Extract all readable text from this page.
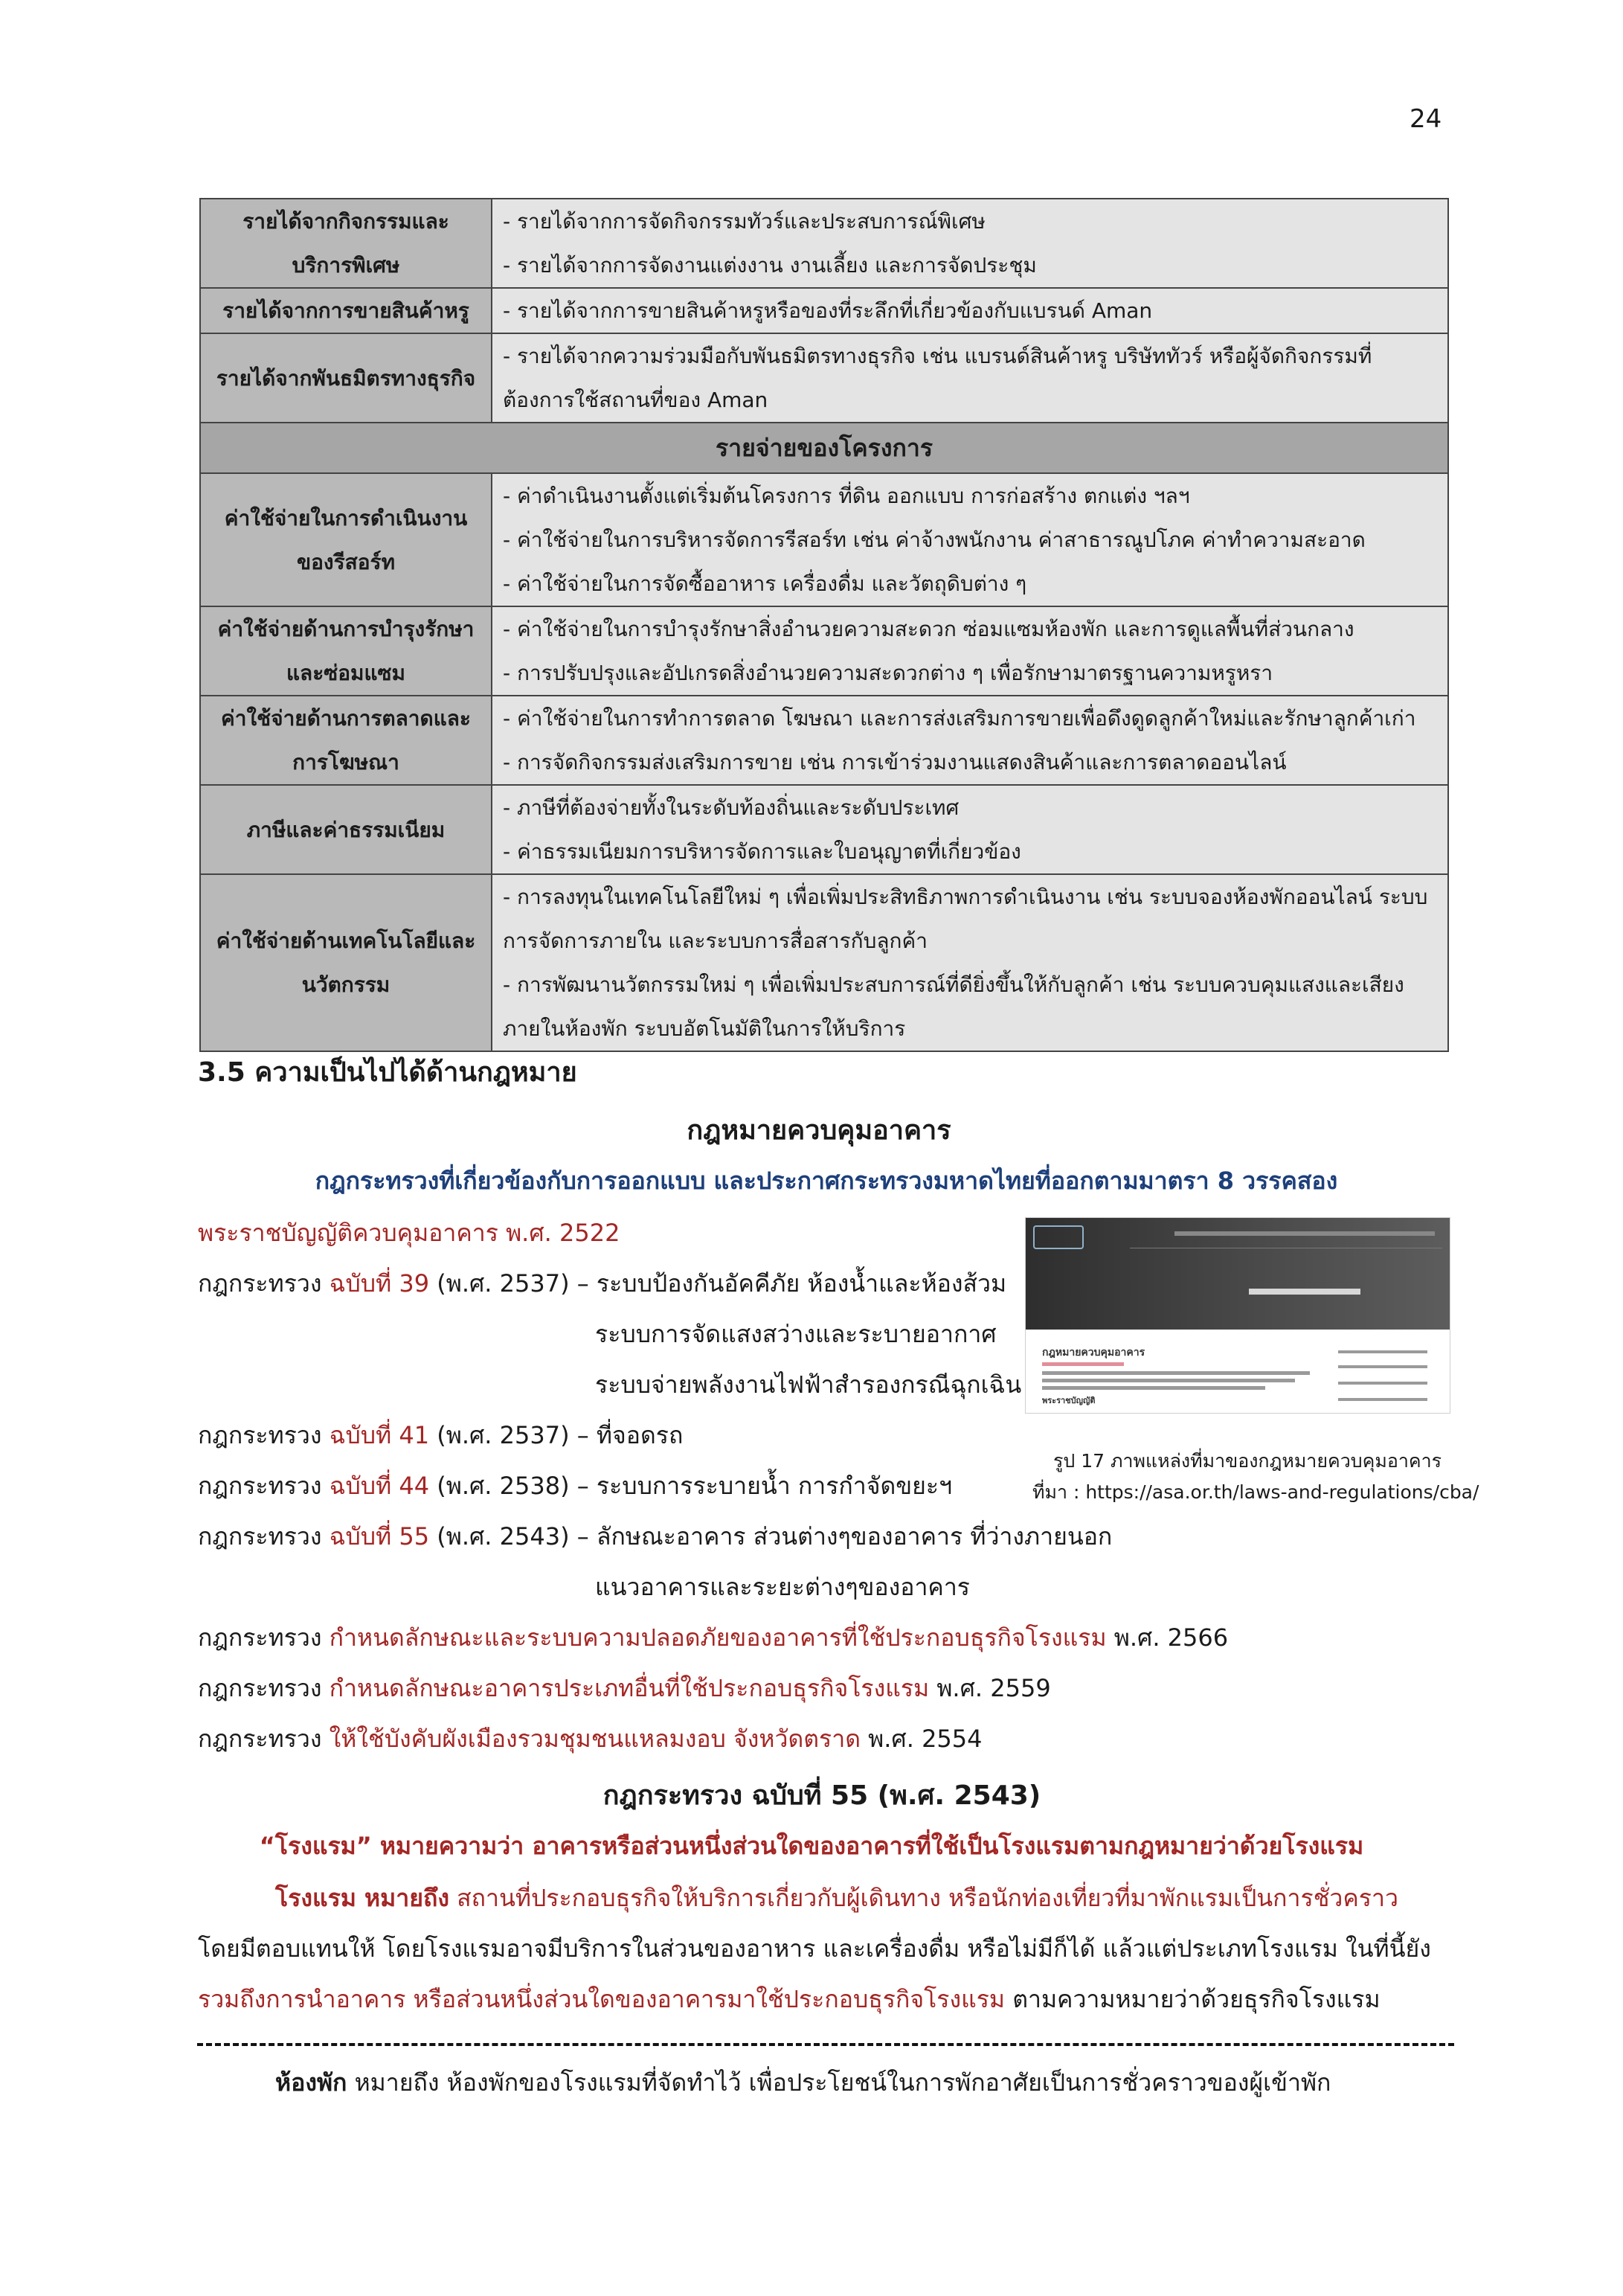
24
รายได้จากกิจกรรมและ
บริการพิเศษ	- รายได้จากการจัดกิจกรรมทัวร์และประสบการณ์พิเศษ
- รายได้จากการจัดงานแต่งงาน งานเลี้ยง และการจัดประชุม

รายได้จากการขายสินค้าหรู	- รายได้จากการขายสินค้าหรูหรือของที่ระลึกที่เกี่ยวข้องกับแบรนด์ Aman

รายได้จากพันธมิตรทางธุรกิจ	- รายได้จากความร่วมมือกับพันธมิตรทางธุรกิจ เช่น แบรนด์สินค้าหรู บริษัททัวร์ หรือผู้จัดกิจกรรมที่
ต้องการใช้สถานที่ของ Aman

รายจ่ายของโครงการ	

ค่าใช้จ่ายในการดำเนินงาน
ของรีสอร์ท	- ค่าดำเนินงานตั้งแต่เริ่มต้นโครงการ ที่ดิน ออกแบบ การก่อสร้าง ตกแต่ง ฯลฯ
- ค่าใช้จ่ายในการบริหารจัดการรีสอร์ท เช่น ค่าจ้างพนักงาน ค่าสาธารณูปโภค ค่าทำความสะอาด
- ค่าใช้จ่ายในการจัดซื้ออาหาร เครื่องดื่ม และวัตถุดิบต่าง ๆ

ค่าใช้จ่ายด้านการบำรุงรักษา
และซ่อมแซม	- ค่าใช้จ่ายในการบำรุงรักษาสิ่งอำนวยความสะดวก ซ่อมแซมห้องพัก และการดูแลพื้นที่ส่วนกลาง
- การปรับปรุงและอัปเกรดสิ่งอำนวยความสะดวกต่าง ๆ เพื่อรักษามาตรฐานความหรูหรา

ค่าใช้จ่ายด้านการตลาดและ
การโฆษณา	- ค่าใช้จ่ายในการทำการตลาด โฆษณา และการส่งเสริมการขายเพื่อดึงดูดลูกค้าใหม่และรักษาลูกค้าเก่า
- การจัดกิจกรรมส่งเสริมการขาย เช่น การเข้าร่วมงานแสดงสินค้าและการตลาดออนไลน์

ภาษีและค่าธรรมเนียม	- ภาษีที่ต้องจ่ายทั้งในระดับท้องถิ่นและระดับประเทศ
- ค่าธรรมเนียมการบริหารจัดการและใบอนุญาตที่เกี่ยวข้อง

ค่าใช้จ่ายด้านเทคโนโลยีและ
นวัตกรรม	- การลงทุนในเทคโนโลยีใหม่ ๆ เพื่อเพิ่มประสิทธิภาพการดำเนินงาน เช่น ระบบจองห้องพักออนไลน์ ระบบ
การจัดการภายใน และระบบการสื่อสารกับลูกค้า
- การพัฒนานวัตกรรมใหม่ ๆ เพื่อเพิ่มประสบการณ์ที่ดียิ่งขึ้นให้กับลูกค้า เช่น ระบบควบคุมแสงและเสียง
ภายในห้องพัก ระบบอัตโนมัติในการให้บริการ
3.5 ความเป็นไปได้ด้านกฎหมาย
กฎหมายควบคุมอาคาร
กฎกระทรวงที่เกี่ยวข้องกับการออกแบบ และประกาศกระทรวงมหาดไทยที่ออกตามมาตรา 8 วรรคสอง
พระราชบัญญัติควบคุมอาคาร พ.ศ. 2522
กฎกระทรวง ฉบับที่ 39 (พ.ศ. 2537) – ระบบป้องกันอัคคีภัย ห้องน้ำและห้องส้วม
ระบบการจัดแสงสว่างและระบายอากาศ
ระบบจ่ายพลังงานไฟฟ้าสำรองกรณีฉุกเฉิน
กฎกระทรวง ฉบับที่ 41 (พ.ศ. 2537) – ที่จอดรถ
กฎกระทรวง ฉบับที่ 44 (พ.ศ. 2538) – ระบบการระบายน้ำ การกำจัดขยะฯ
กฎกระทรวง ฉบับที่ 55 (พ.ศ. 2543) – ลักษณะอาคาร ส่วนต่างๆของอาคาร ที่ว่างภายนอก
แนวอาคารและระยะต่างๆของอาคาร
กฎกระทรวง กำหนดลักษณะและระบบความปลอดภัยของอาคารที่ใช้ประกอบธุรกิจโรงแรม พ.ศ. 2566
กฎกระทรวง กำหนดลักษณะอาคารประเภทอื่นที่ใช้ประกอบธุรกิจโรงแรม พ.ศ. 2559
กฎกระทรวง ให้ใช้บังคับผังเมืองรวมชุมชนแหลมงอบ จังหวัดตราด พ.ศ. 2554
กฎหมายควบคุมอาคาร
พระราชบัญญัติ
รูป 17 ภาพแหล่งที่มาของกฎหมายควบคุมอาคาร
ที่มา : https://asa.or.th/laws-and-regulations/cba/
กฎกระทรวง ฉบับที่ 55 (พ.ศ. 2543)
“โรงแรม” หมายความว่า อาคารหรือส่วนหนึ่งส่วนใดของอาคารที่ใช้เป็นโรงแรมตามกฎหมายว่าด้วยโรงแรม
โรงแรม หมายถึง สถานที่ประกอบธุรกิจให้บริการเกี่ยวกับผู้เดินทาง หรือนักท่องเที่ยวที่มาพักแรมเป็นการชั่วคราว
โดยมีตอบแทนให้ โดยโรงแรมอาจมีบริการในส่วนของอาหาร และเครื่องดื่ม หรือไม่มีก็ได้ แล้วแต่ประเภทโรงแรม ในที่นี้ยัง
รวมถึงการนำอาคาร หรือส่วนหนึ่งส่วนใดของอาคารมาใช้ประกอบธุรกิจโรงแรม ตามความหมายว่าด้วยธุรกิจโรงแรม
ห้องพัก หมายถึง ห้องพักของโรงแรมที่จัดทำไว้ เพื่อประโยชน์ในการพักอาศัยเป็นการชั่วคราวของผู้เข้าพัก
